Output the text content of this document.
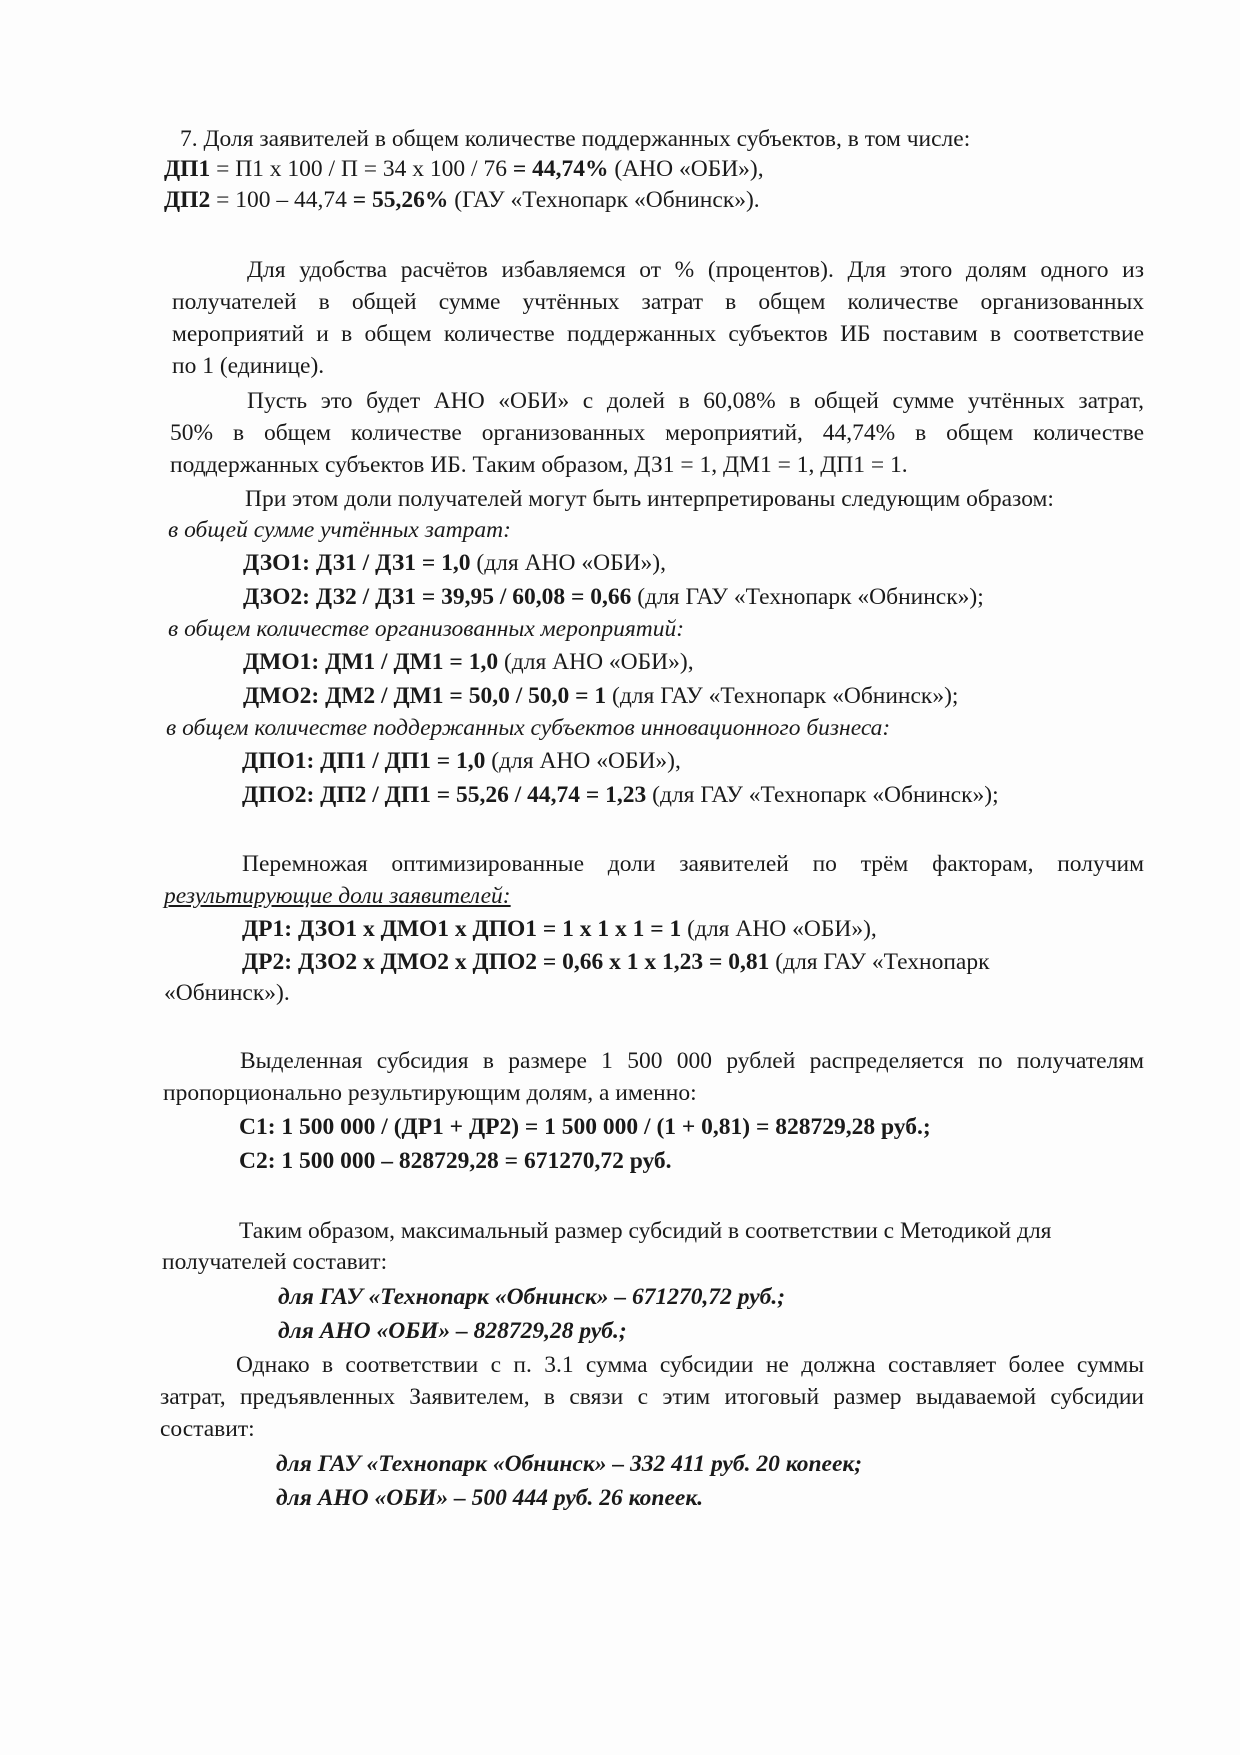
7. Доля заявителей в общем количестве поддержанных субъектов, в том числе:
ДП1 = П1 х 100 / П = 34 х 100 / 76 = 44,74% (АНО «ОБИ»),
ДП2 = 100 – 44,74 = 55,26% (ГАУ «Технопарк «Обнинск»).
Для удобства расчётов избавляемся от % (процентов). Для этого долям одного из
получателей в общей сумме учтённых затрат в общем количестве организованных
мероприятий и в общем количестве поддержанных субъектов ИБ поставим в соответствие
по 1 (единице).
Пусть это будет АНО «ОБИ» с долей в 60,08% в общей сумме учтённых затрат,
50% в общем количестве организованных мероприятий, 44,74% в общем количестве
поддержанных субъектов ИБ. Таким образом, ДЗ1 = 1, ДМ1 = 1, ДП1 = 1.
При этом доли получателей могут быть интерпретированы следующим образом:
в общей сумме учтённых затрат:
ДЗО1: ДЗ1 / ДЗ1 = 1,0 (для АНО «ОБИ»),
ДЗО2: ДЗ2 / ДЗ1 = 39,95 / 60,08 = 0,66 (для ГАУ «Технопарк «Обнинск»);
в общем количестве организованных мероприятий:
ДМО1: ДМ1 / ДМ1 = 1,0 (для АНО «ОБИ»),
ДМО2: ДМ2 / ДМ1 = 50,0 / 50,0 = 1 (для ГАУ «Технопарк «Обнинск»);
в общем количестве поддержанных субъектов инновационного бизнеса:
ДПО1: ДП1 / ДП1 = 1,0 (для АНО «ОБИ»),
ДПО2: ДП2 / ДП1 = 55,26 / 44,74 = 1,23 (для ГАУ «Технопарк «Обнинск»);
Перемножая оптимизированные доли заявителей по трём факторам, получим
результирующие доли заявителей:
ДР1: ДЗО1 х ДМО1 х ДПО1 = 1 х 1 х 1 = 1 (для АНО «ОБИ»),
ДР2: ДЗО2 х ДМО2 х ДПО2 = 0,66 х 1 х 1,23 = 0,81 (для ГАУ «Технопарк
«Обнинск»).
Выделенная субсидия в размере 1 500 000 рублей распределяется по получателям
пропорционально результирующим долям, а именно:
С1: 1 500 000 / (ДР1 + ДР2) = 1 500 000 / (1 + 0,81) = 828729,28 руб.;
С2: 1 500 000 – 828729,28 = 671270,72 руб.
Таким образом, максимальный размер субсидий в соответствии с Методикой для
получателей составит:
для ГАУ «Технопарк «Обнинск» – 671270,72 руб.;
для АНО «ОБИ» – 828729,28 руб.;
Однако в соответствии с п. 3.1 сумма субсидии не должна составляет более суммы
затрат, предъявленных Заявителем, в связи с этим итоговый размер выдаваемой субсидии
составит:
для ГАУ «Технопарк «Обнинск» – 332 411 руб. 20 копеек;
для АНО «ОБИ» – 500 444 руб. 26 копеек.
